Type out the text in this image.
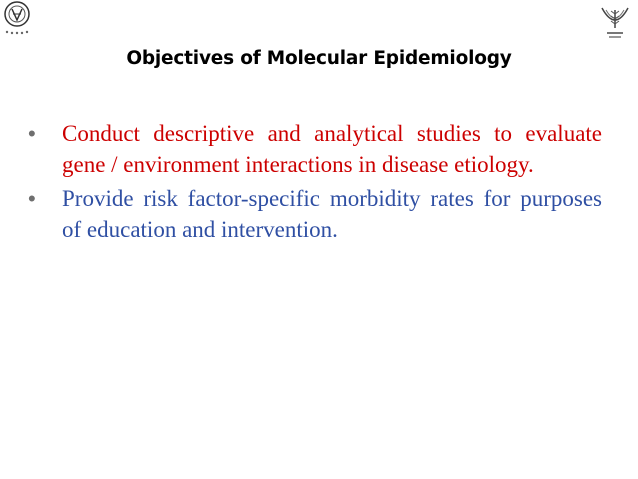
Objectives of Molecular Epidemiology
• Conduct descriptive and analytical studies to evaluate gene / environment interactions in disease etiology.
• Provide risk factor-specific morbidity rates for purposes of education and intervention.
